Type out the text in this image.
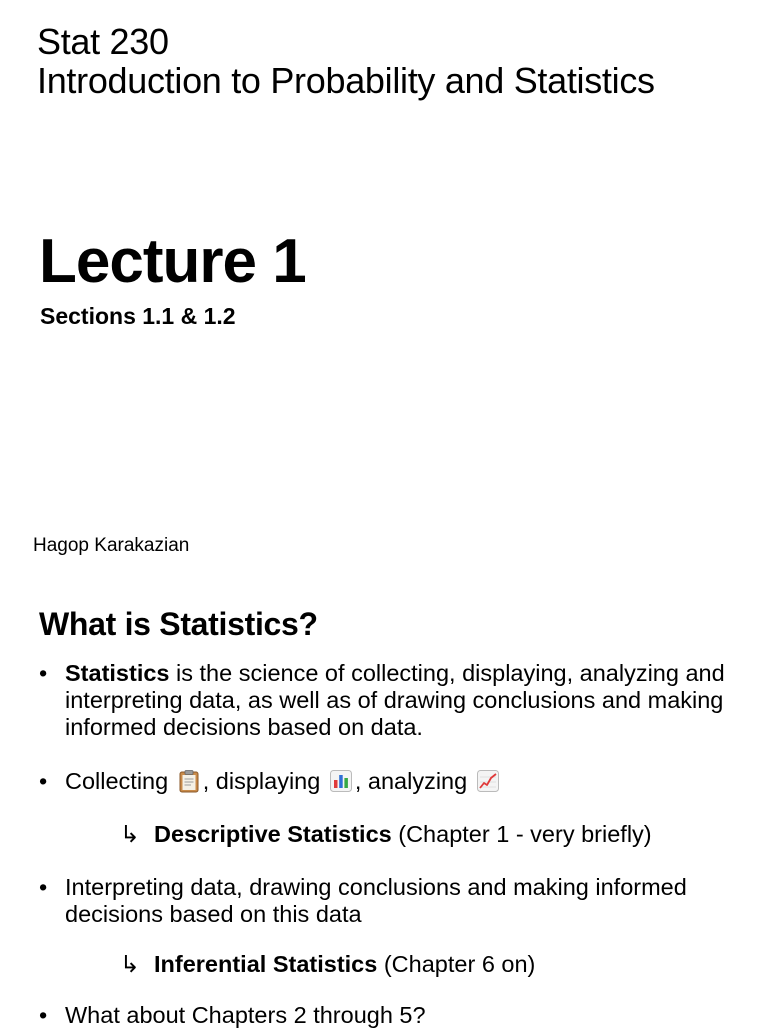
Stat 230
Introduction to Probability and Statistics
Lecture 1
Sections 1.1 & 1.2
Hagop Karakazian
What is Statistics?
• Statistics is the science of collecting, displaying, analyzing and interpreting data, as well as of drawing conclusions and making informed decisions based on data.
• Collecting
, displaying
, analyzing
↳ Descriptive Statistics (Chapter 1 - very briefly)
• Interpreting data, drawing conclusions and making informed decisions based on this data
↳ Inferential Statistics (Chapter 6 on)
• What about Chapters 2 through 5?
